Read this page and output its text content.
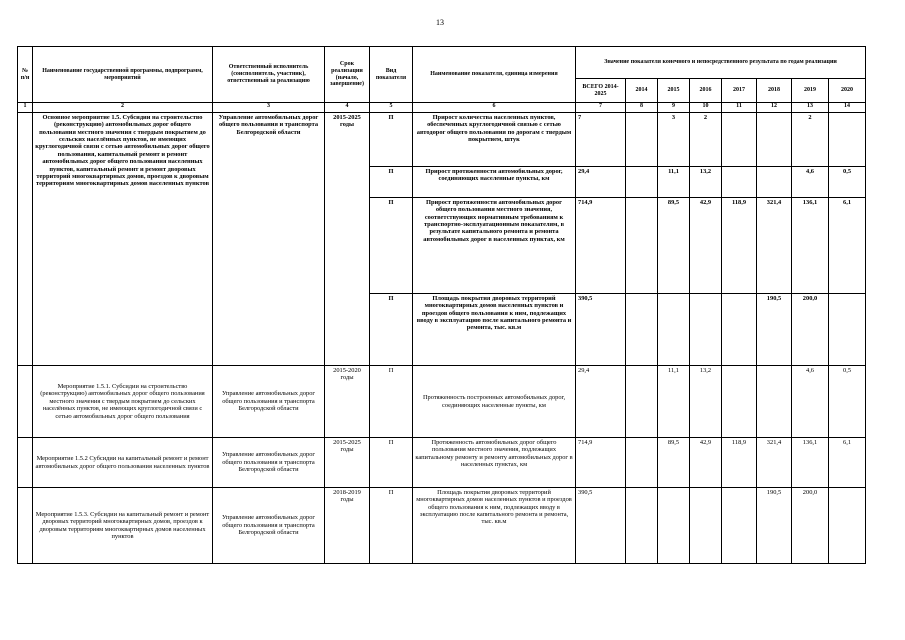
13
№ п/н	Наименование государственной программы, подпрограмм, мероприятий	Ответственный исполнитель (соисполнитель, участник), ответственный за реализацию	Срок реализации (начало, завершение)	Вид показателя	Наименование показателя, единица измерения	Значение показателя конечного и непосредственного результата по годам реализации							
						ВСЕГО 2014-2025	2014	2015	2016	2017	2018	2019	2020
1	2	3	4	5	6	7	8	9	10	11	12	13	14
	Основное мероприятие 1.5. Субсидии на строительство (реконструкцию) автомобильных дорог общего пользования местного значения с твердым покрытием до сельских населённых пунктов, не имеющих круглогодичной связи с сетью автомобильных дорог общего пользования, капитальный ремонт и ремонт автомобильных дорог общего пользования населенных пунктов, капитальный ремонт и ремонт дворовых территорий многоквартирных домов, проездов к дворовым территориям многоквартирных домов населенных пунктов	Управление автомобильных дорог общего пользования и транспорта Белгородской области	2015-2025 годы	П	Прирост количества населенных пунктов, обеспеченных круглогодичной связью с сетью автодорог общего пользования по дорогам с твердым покрытием, штук	7		3	2			2	
				П	Прирост протяженности автомобильных дорог, соединяющих населенные пункты, км	29,4		11,1	13,2			4,6	0,5
				П	Прирост протяженности автомобильных дорог общего пользования местного значения, соответствующих нормативным требованиям к транспортно-эксплуатационным показателям, в результате капитального ремонта и ремонта автомобильных дорог в населенных пунктах, км	714,9		89,5	42,9	118,9	321,4	136,1	6,1
				П	Площадь покрытия дворовых территорий многоквартирных домов населенных пунктов и проездов общего пользования к ним, подлежащих вводу в эксплуатацию после капитального ремонта и ремонта, тыс. кв.м	390,5					190,5	200,0	
	Мероприятие 1.5.1. Субсидии на строительство (реконструкцию) автомобильных дорог общего пользования местного значения с твердым покрытием до сельских населённых пунктов, не имеющих круглогодичной связи с сетью автомобильных дорог общего пользования	Управление автомобильных дорог общего пользования и транспорта Белгородской области	2015-2020 годы	П	Протяженность построенных автомобильных дорог, соединяющих населенные пункты, км	29,4		11,1	13,2			4,6	0,5
	Мероприятие 1.5.2 Субсидии на капитальный ремонт и ремонт автомобильных дорог общего пользования населенных пунктов	Управление автомобильных дорог общего пользования и транспорта Белгородской области	2015-2025 годы	П	Протяженность автомобильных дорог общего пользования местного значения, подлежащих капитальному ремонту и ремонту автомобильных дорог в населенных пунктах, км	714,9		89,5	42,9	118,9	321,4	136,1	6,1
	Мероприятие 1.5.3. Субсидии на капитальный ремонт и ремонт дворовых территорий многоквартирных домов, проездов к дворовым территориям многоквартирных домов населенных пунктов	Управление автомобильных дорог общего пользования и транспорта Белгородской области	2018-2019 годы	П	Площадь покрытия дворовых территорий многоквартирных домов населенных пунктов и проездов общего пользования к ним, подлежащих вводу в эксплуатацию после капитального ремонта и ремонта, тыс. кв.м	390,5					190,5	200,0	
